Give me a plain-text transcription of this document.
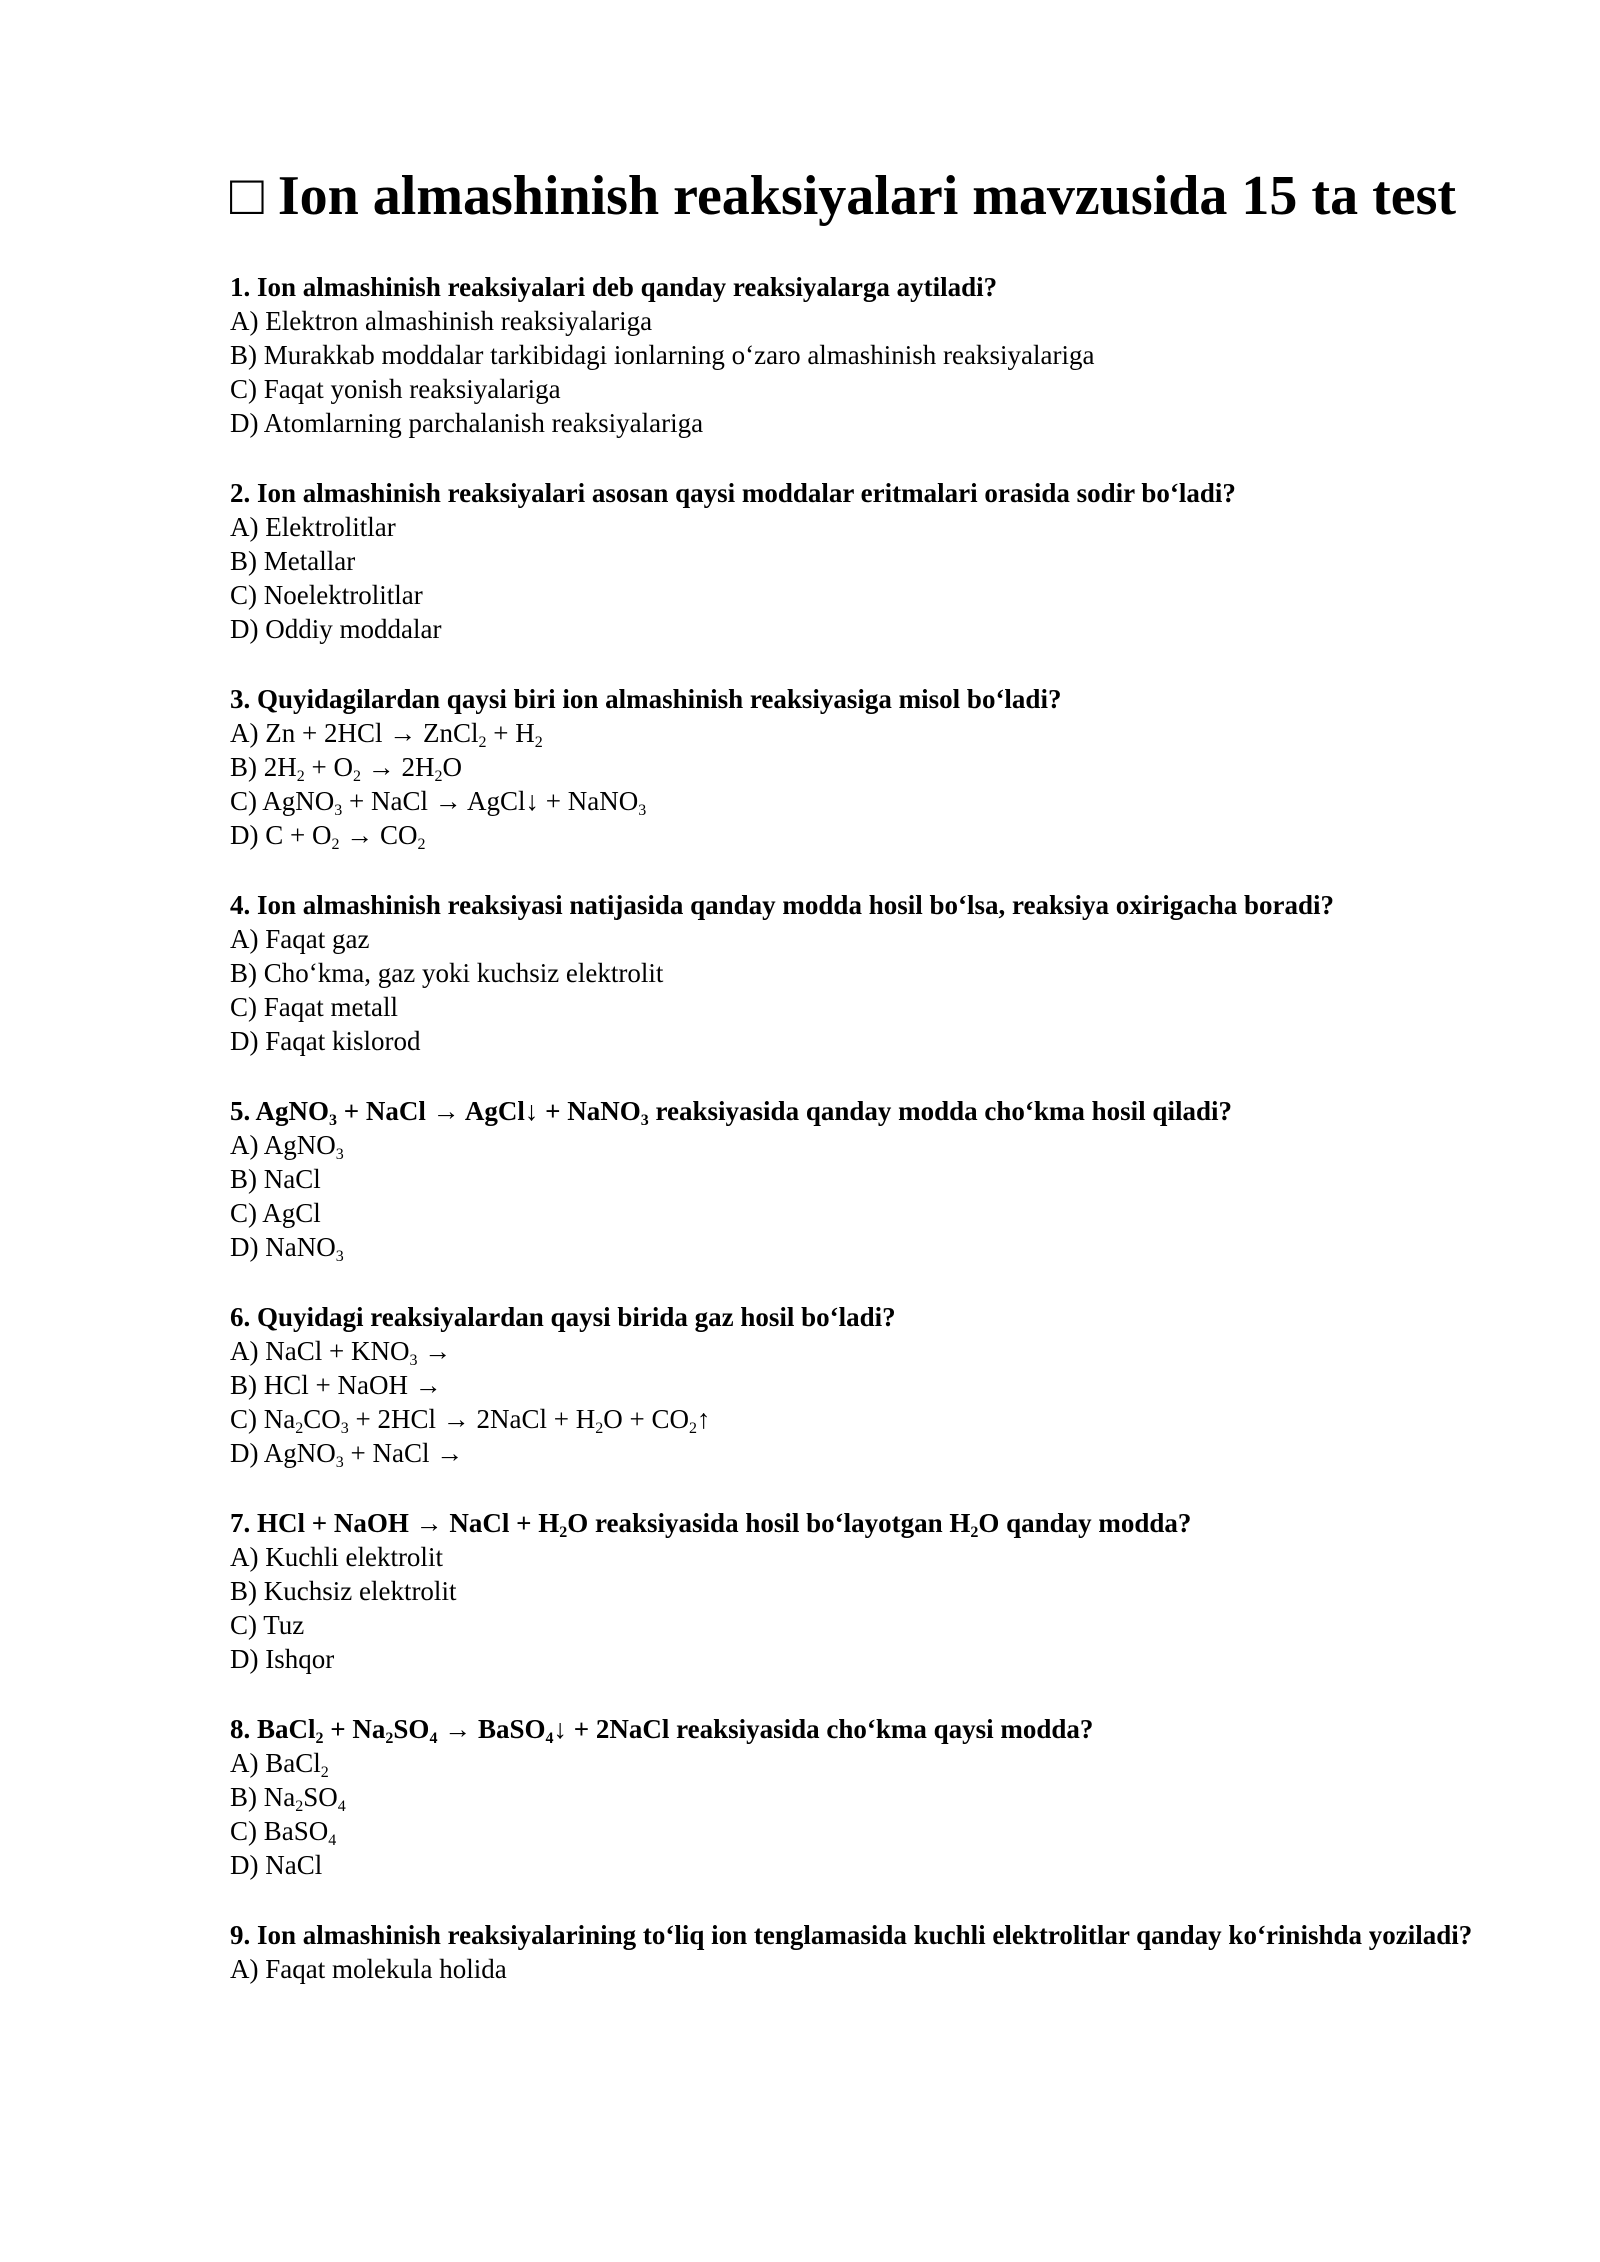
□ Ion almashinish reaksiyalari mavzusida 15 ta test
1. Ion almashinish reaksiyalari deb qanday reaksiyalarga aytiladi?
A) Elektron almashinish reaksiyalariga
B) Murakkab moddalar tarkibidagi ionlarning o‘zaro almashinish reaksiyalariga
C) Faqat yonish reaksiyalariga
D) Atomlarning parchalanish reaksiyalariga
2. Ion almashinish reaksiyalari asosan qaysi moddalar eritmalari orasida sodir bo‘ladi?
A) Elektrolitlar
B) Metallar
C) Noelektrolitlar
D) Oddiy moddalar
3. Quyidagilardan qaysi biri ion almashinish reaksiyasiga misol bo‘ladi?
A) Zn + 2HCl → ZnCl$_2$ + $H_2$
B) $2H_2 + O_2 \to 2H_2O$
C) AgNO$_3$ + NaCl → AgCl↓ + NaNO$_3$
D) $C + O_2 \to CO_2$
4. Ion almashinish reaksiyasi natijasida qanday modda hosil bo‘lsa, reaksiya oxirigacha boradi?
A) Faqat gaz
B) Cho‘kma, gaz yoki kuchsiz elektrolit
C) Faqat metall
D) Faqat kislorod
5. AgNO$_3$ + NaCl → AgCl↓ + NaNO$_3$ reaksiyasida qanday modda cho‘kma hosil qiladi?
A) AgNO$_3$
B) NaCl
C) AgCl
D) NaNO$_3$
6. Quyidagi reaksiyalardan qaysi birida gaz hosil bo‘ladi?
A) NaCl + $KNO_3$ →
B) HCl + NaOH →
C) $Na_2CO_3 + 2HCl$ → 2NaCl + $H_2O$ + $CO_2↑$
D) AgNO$_3$ + NaCl →
7. HCl + NaOH → NaCl + $H_2O$ reaksiyasida hosil bo‘layotgan $H_2O$ qanday modda?
A) Kuchli elektrolit
B) Kuchsiz elektrolit
C) Tuz
D) Ishqor
8. BaCl$_2$ + $Na_2SO_4$ → BaSO$_4$↓ + 2NaCl reaksiyasida cho‘kma qaysi modda?
A) BaCl$_2$
B) $Na_2SO_4$
C) BaSO$_4$
D) NaCl
9. Ion almashinish reaksiyalarining to‘liq ion tenglamasida kuchli elektrolitlar qanday ko‘rinishda yoziladi?
A) Faqat molekula holida
